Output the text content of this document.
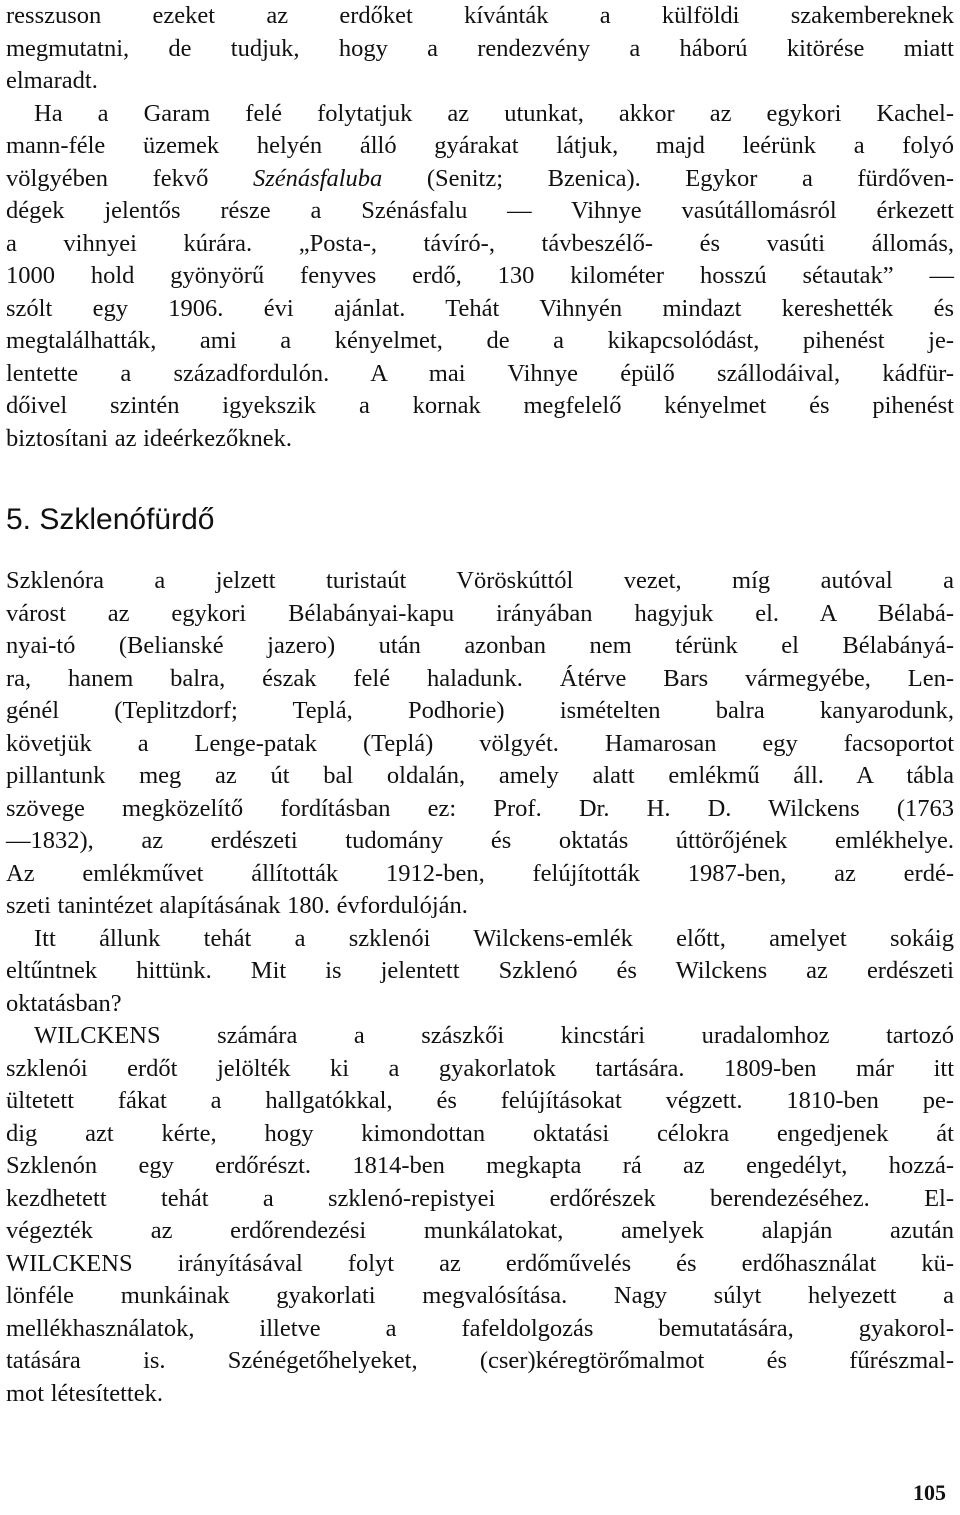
resszuson ezeket az erdőket kívánták a külföldi szakembereknek
megmutatni, de tudjuk, hogy a rendezvény a háború kitörése miatt
elmaradt.
Ha a Garam felé folytatjuk az utunkat, akkor az egykori Kachel-
mann-féle üzemek helyén álló gyárakat látjuk, majd leérünk a folyó
völgyében fekvő Szénásfaluba (Senitz; Bzenica). Egykor a fürdőven-
dégek jelentős része a Szénásfalu — Vihnye vasútállomásról érkezett
a vihnyei kúrára. „Posta-, távíró-, távbeszélő- és vasúti állomás,
1000 hold gyönyörű fenyves erdő, 130 kilométer hosszú sétautak” —
szólt egy 1906. évi ajánlat. Tehát Vihnyén mindazt kereshették és
megtalálhatták, ami a kényelmet, de a kikapcsolódást, pihenést je-
lentette a századfordulón. A mai Vihnye épülő szállodáival, kádfür-
dőivel szintén igyekszik a kornak megfelelő kényelmet és pihenést
biztosítani az ideérkezőknek.
5. Szklenófürdő
Szklenóra a jelzett turistaút Vöröskúttól vezet, míg autóval a
várost az egykori Bélabányai-kapu irányában hagyjuk el. A Bélabá-
nyai-tó (Belianské jazero) után azonban nem térünk el Bélabányá-
ra, hanem balra, észak felé haladunk. Átérve Bars vármegyébe, Len-
génél (Teplitzdorf; Teplá, Podhorie) ismételten balra kanyarodunk,
követjük a Lenge-patak (Teplá) völgyét. Hamarosan egy facsoportot
pillantunk meg az út bal oldalán, amely alatt emlékmű áll. A tábla
szövege megközelítő fordításban ez: Prof. Dr. H. D. Wilckens (1763
—1832), az erdészeti tudomány és oktatás úttörőjének emlékhelye.
Az emlékművet állították 1912-ben, felújították 1987-ben, az erdé-
szeti tanintézet alapításának 180. évfordulóján.
Itt állunk tehát a szklenói Wilckens-emlék előtt, amelyet sokáig
eltűntnek hittünk. Mit is jelentett Szklenó és Wilckens az erdészeti
oktatásban?
WILCKENS számára a szászkői kincstári uradalomhoz tartozó
szklenói erdőt jelölték ki a gyakorlatok tartására. 1809-ben már itt
ültetett fákat a hallgatókkal, és felújításokat végzett. 1810-ben pe-
dig azt kérte, hogy kimondottan oktatási célokra engedjenek át
Szklenón egy erdőrészt. 1814-ben megkapta rá az engedélyt, hozzá-
kezdhetett tehát a szklenó-repistyei erdőrészek berendezéséhez. El-
végezték az erdőrendezési munkálatokat, amelyek alapján azután
WILCKENS irányításával folyt az erdőművelés és erdőhasználat kü-
lönféle munkáinak gyakorlati megvalósítása. Nagy súlyt helyezett a
mellékhasználatok, illetve a fafeldolgozás bemutatására, gyakorol-
tatására is. Szénégetőhelyeket, (cser)kéregtörőmalmot és fűrészmal-
mot létesítettek.
105
